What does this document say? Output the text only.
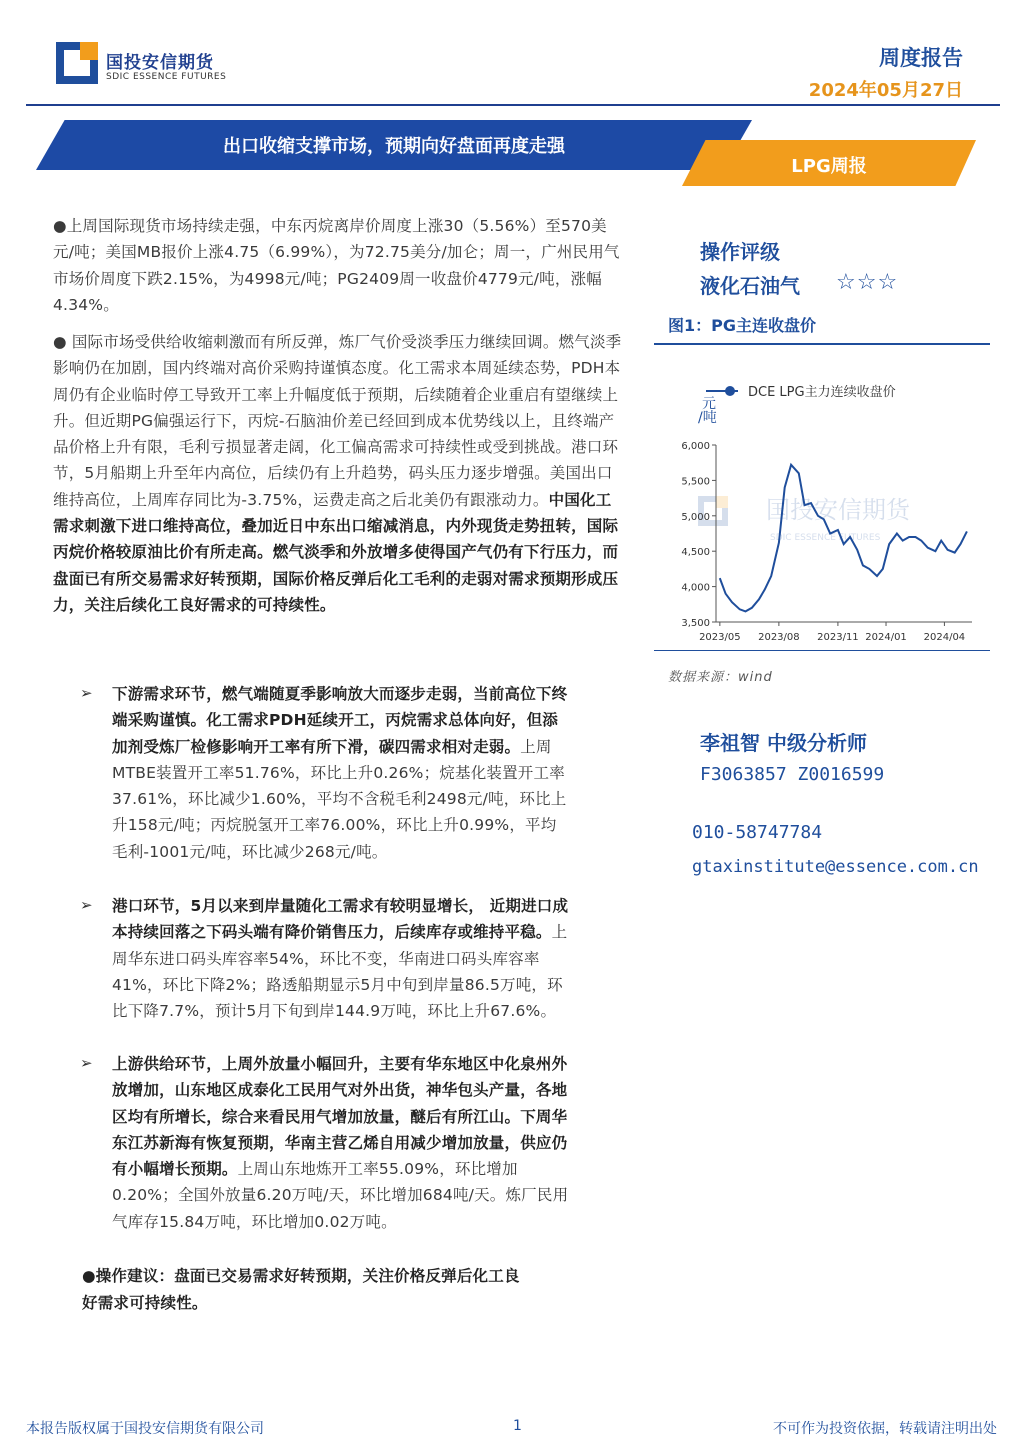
国投安信期货
SDIC ESSENCE FUTURES
周度报告
2024年05月27日
出口收缩支撑市场，预期向好盘面再度走强
LPG周报
●上周国际现货市场持续走强，中东丙烷离岸价周度上涨30（5.56%）至570美元/吨；美国MB报价上涨4.75（6.99%），为72.75美分/加仑；周一，广州民用气市场价周度下跌2.15%，为4998元/吨；PG2409周一收盘价4779元/吨，涨幅4.34%。
● 国际市场受供给收缩刺激而有所反弹，炼厂气价受淡季压力继续回调。燃气淡季影响仍在加剧，国内终端对高价采购持谨慎态度。化工需求本周延续态势，PDH本周仍有企业临时停工导致开工率上升幅度低于预期，后续随着企业重启有望继续上升。但近期PG偏强运行下，丙烷-石脑油价差已经回到成本优势线以上，且终端产品价格上升有限，毛利亏损显著走阔，化工偏高需求可持续性或受到挑战。港口环节，5月船期上升至年内高位，后续仍有上升趋势，码头压力逐步增强。美国出口维持高位，上周库存同比为-3.75%，运费走高之后北美仍有跟涨动力。中国化工需求刺激下进口维持高位，叠加近日中东出口缩减消息，内外现货走势扭转，国际丙烷价格较原油比价有所走高。燃气淡季和外放增多使得国产气仍有下行压力，而盘面已有所交易需求好转预期，国际价格反弹后化工毛利的走弱对需求预期形成压力，关注后续化工良好需求的可持续性。
➢ 下游需求环节，燃气端随夏季影响放大而逐步走弱，当前高位下终端采购谨慎。化工需求PDH延续开工，丙烷需求总体向好，但添加剂受炼厂检修影响开工率有所下滑，碳四需求相对走弱。上周MTBE装置开工率51.76%，环比上升0.26%；烷基化装置开工率37.61%，环比减少1.60%，平均不含税毛利2498元/吨，环比上升158元/吨；丙烷脱氢开工率76.00%，环比上升0.99%，平均毛利-1001元/吨，环比减少268元/吨。
➢ 港口环节，5月以来到岸量随化工需求有较明显增长， 近期进口成本持续回落之下码头端有降价销售压力，后续库存或维持平稳。上周华东进口码头库容率54%，环比不变，华南进口码头库容率41%，环比下降2%；路透船期显示5月中旬到岸量86.5万吨，环比下降7.7%，预计5月下旬到岸144.9万吨，环比上升67.6%。
➢ 上游供给环节，上周外放量小幅回升，主要有华东地区中化泉州外放增加，山东地区成泰化工民用气对外出货，神华包头产量，各地区均有所增长，综合来看民用气增加放量，醚后有所江山。下周华东江苏新海有恢复预期，华南主营乙烯自用减少增加放量，供应仍有小幅增长预期。上周山东地炼开工率55.09%，环比增加0.20%；全国外放量6.20万吨/天，环比增加684吨/天。炼厂民用气库存15.84万吨，环比增加0.02万吨。
●操作建议：盘面已交易需求好转预期，关注价格反弹后化工良
好需求可持续性。
操作评级
液化石油气 ☆☆☆
图1：PG主连收盘价
国投安信期货
SDIC ESSENCE FUTURES
DCE LPG主力连续收盘价
元
/吨
3,500
4,000
4,500
5,000
5,500
6,000
2023/05 2023/08 2023/11 2024/01 2024/04
数据来源：wind
李祖智 中级分析师
F3063857 Z0016599
010-58747784
gtaxinstitute@essence.com.cn
本报告版权属于国投安信期货有限公司	1	不可作为投资依据，转载请注明出处
